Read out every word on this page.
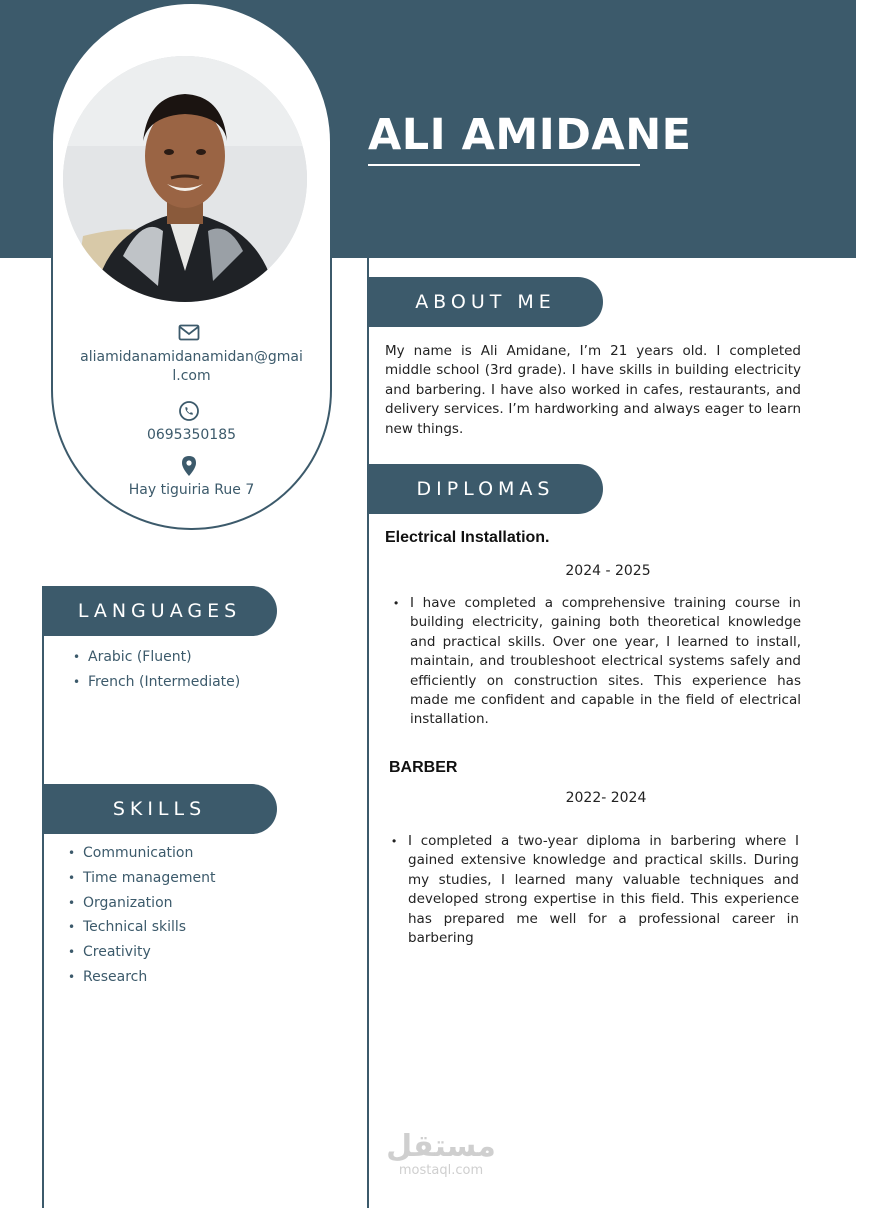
ALI AMIDANE
aliamidanamidanamidan@gmail.com
0695350185
Hay tiguiria Rue 7
LANGUAGES
• Arabic (Fluent)
• French (Intermediate)
SKILLS
• Communication
• Time management
• Organization
• Technical skills
• Creativity
• Research
ABOUT ME

My name is Ali Amidane, I’m 21 years old. I completed middle school (3rd grade). I have skills in building electricity and barbering. I have also worked in cafes, restaurants, and delivery services. I’m hardworking and always eager to learn new things.

DIPLOMAS
Electrical Installation.
2024 - 2025
• I have completed a comprehensive training course in building electricity, gaining both theoretical knowledge and practical skills. Over one year, I learned to install, maintain, and troubleshoot electrical systems safely and efficiently on construction sites. This experience has made me confident and capable in the field of electrical installation.

BARBER
2022- 2024
• I completed a two-year diploma in barbering where I gained extensive knowledge and practical skills. During my studies, I learned many valuable techniques and developed strong expertise in this field. This experience has prepared me well for a professional career in barbering

مستقل
mostaql.com
